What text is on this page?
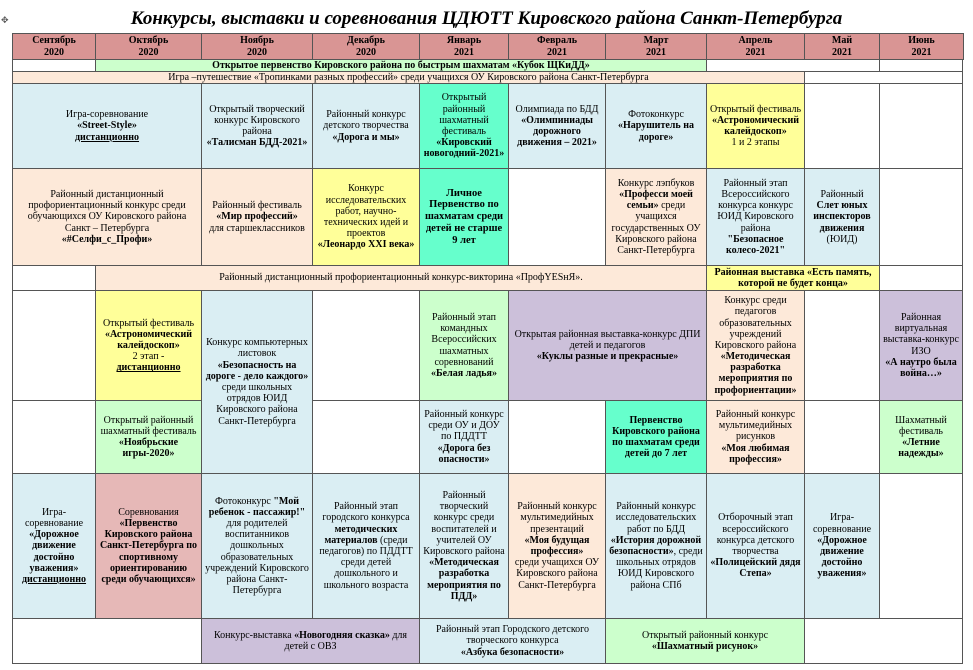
Конкурсы, выставки и соревнования ЦДЮТТ Кировского района Санкт-Петербурга
✥
Сентябрь
2020
Октябрь
2020
Ноябрь
2020
Декабрь
2020
Январь
2021
Февраль
2021
Март
2021
Апрель
2021
Май
2021
Июнь
2021
Открытое первенство Кировского района по быстрым шахматам «Кубок ЩКиДД»
Игра –путешествие «Тропинками разных профессий» среди учащихся ОУ Кировского района Санкт-Петербурга
Игра-соревнование
«Street-Style»
дистанционно
Открытый творческий конкурс Кировского района
«Талисман БДД-2021»
Районный конкурс детского творчества
«Дорога и мы»
Открытый районный шахматный фестиваль
«Кировский новогодний-2021»
Олимпиада по БДД
«Олимпиниады дорожного движения – 2021»
Фотоконкурс
«Нарушитель на дороге»
Открытый фестиваль
«Астрономический калейдоскоп»
1 и 2 этапы
Районный дистанционный профориентационный конкурс среди обучающихся ОУ Кировского района Санкт – Петербурга
«#Селфи_с_Профи»
Районный фестиваль
«Мир профессий»
для старшеклассников
Конкурс исследовательских работ, научно-технических идей и проектов
«Леонардо XXI века»
Личное Первенство по шахматам среди детей не старше 9 лет
Конкурс лэпбуков
«Професси моей семьи» среди учащихся государственных ОУ Кировского района Санкт-Петербурга
Районный этап Всероссийского конкурса конкурс ЮИД Кировского района
"Безопасное колесо-2021"
Районный
Слет юных инспекторов движения
(ЮИД)
Районный дистанционный профориентационный конкурс-викторина «ПрофYESнЯ».
Районная выставка «Есть память, которой не будет конца»
Открытый фестиваль
«Астрономический калейдоскоп»
2 этап -
дистанционно
Конкурс компьютерных листовок
«Безопасность на дороге - дело каждого»
среди школьных отрядов ЮИД Кировского района Санкт-Петербурга
Районный этап командных Всероссийских шахматных соревнований
«Белая ладья»
Открытая районная выставка-конкурс ДПИ
детей и педагогов
«Куклы разные и прекрасные»
Конкурс среди педагогов образовательных учреждений Кировского района
«Методическая разработка мероприятия по профориентации»
Районная виртуальная выставка-конкурс ИЗО
«А наутро была война…»
Открытый районный шахматный фестиваль
«Ноябрьские игры-2020»
Районный конкурс среди ОУ и ДОУ по ПДДТТ
«Дорога без опасности»
Первенство Кировского района по шахматам среди детей до 7 лет
Районный конкурс мультимедийных рисунков
«Моя любимая профессия»
Шахматный фестиваль
«Летние надежды»
Игра-соревнование
«Дорожное движение достойно уважения»
дистанционно
Соревнования
«Первенство Кировского района Санкт-Петербурга по спортивному ориентированию среди обучающихся»
Фотоконкурс "Мой ребенок - пассажир!" для родителей воспитанников дошкольных образовательных учреждений Кировского района Санкт-Петербурга
Районный этап городского конкурса методических материалов (среди педагогов) по ПДДТТ среди детей дошкольного и школьного возраста
Районный творческий конкурс среди воспитателей и учителей ОУ Кировского района
«Методическая разработка мероприятия по ПДД»
Районный конкурс мультимедийных презентаций
«Моя будущая профессия»
среди учащихся ОУ Кировского района Санкт-Петербурга
Районный конкурс исследовательских работ по БДД
«История дорожной безопасности», среди школьных отрядов ЮИД Кировского района СПб
Отборочный этап всероссийского конкурса детского творчества
«Полицейский дядя Степа»
Игра-соревнование
«Дорожное движение достойно уважения»
Конкурс-выставка «Новогодняя сказка» для детей с ОВЗ
Районный этап Городского детского творческого конкурса
«Азбука безопасности»
Открытый районный конкурс
«Шахматный рисунок»
